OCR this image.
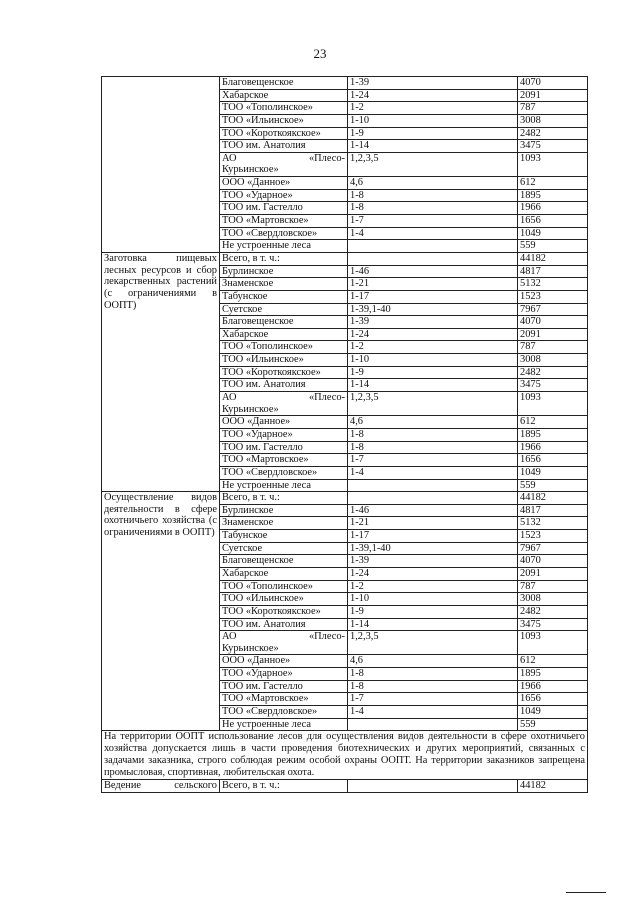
23
	Благовещенское	1-39	4070
	Хабарское	1-24	2091
	ТОО «Тополинское»	1-2	787
	ТОО «Ильинское»	1-10	3008
	ТОО «Короткоякское»	1-9	2482
	ТОО им. Анатолия	1-14	3475

	АО «Плесо-
Курьинское»	1,2,3,5	1093
	ООО «Данное»	4,6	612
	ТОО «Ударное»	1-8	1895
	ТОО им. Гастелло	1-8	1966
	ТОО «Мартовское»	1-7	1656
	ТОО «Свердловское»	1-4	1049
	Не устроенные леса		559
Заготовка пищевых лесных ресурсов и сбор лекарственных растений (с ограничениями в ООПТ)	Всего, в т. ч.:		44182
	Бурлинское	1-46	4817
	Знаменское	1-21	5132
	Табунское	1-17	1523
	Суетское	1-39,1-40	7967
	Благовещенское	1-39	4070
	Хабарское	1-24	2091
	ТОО «Тополинское»	1-2	787
	ТОО «Ильинское»	1-10	3008
	ТОО «Короткоякское»	1-9	2482
	ТОО им. Анатолия	1-14	3475

	АО «Плесо-
Курьинское»	1,2,3,5	1093
	ООО «Данное»	4,6	612
	ТОО «Ударное»	1-8	1895
	ТОО им. Гастелло	1-8	1966
	ТОО «Мартовское»	1-7	1656
	ТОО «Свердловское»	1-4	1049
	Не устроенные леса		559
Осуществление видов деятельности в сфере охотничьего хозяйства (с ограничениями в ООПТ)	Всего, в т. ч.:		44182
	Бурлинское	1-46	4817
	Знаменское	1-21	5132
	Табунское	1-17	1523
	Суетское	1-39,1-40	7967
	Благовещенское	1-39	4070
	Хабарское	1-24	2091
	ТОО «Тополинское»	1-2	787
	ТОО «Ильинское»	1-10	3008
	ТОО «Короткоякское»	1-9	2482
	ТОО им. Анатолия	1-14	3475

	АО «Плесо-
Курьинское»	1,2,3,5	1093
	ООО «Данное»	4,6	612
	ТОО «Ударное»	1-8	1895
	ТОО им. Гастелло	1-8	1966
	ТОО «Мартовское»	1-7	1656
	ТОО «Свердловское»	1-4	1049
	Не устроенные леса		559
На территории ООПТ использование лесов для осуществления видов деятельности в сфере охотничьего хозяйства допускается лишь в части проведения биотехнических и других мероприятий, связанных с задачами заказника, строго соблюдая режим особой охраны ООПТ. На территории заказников запрещена промысловая, спортивная, любительская охота.			

Ведение сельского	Всего, в т. ч.:		44182
